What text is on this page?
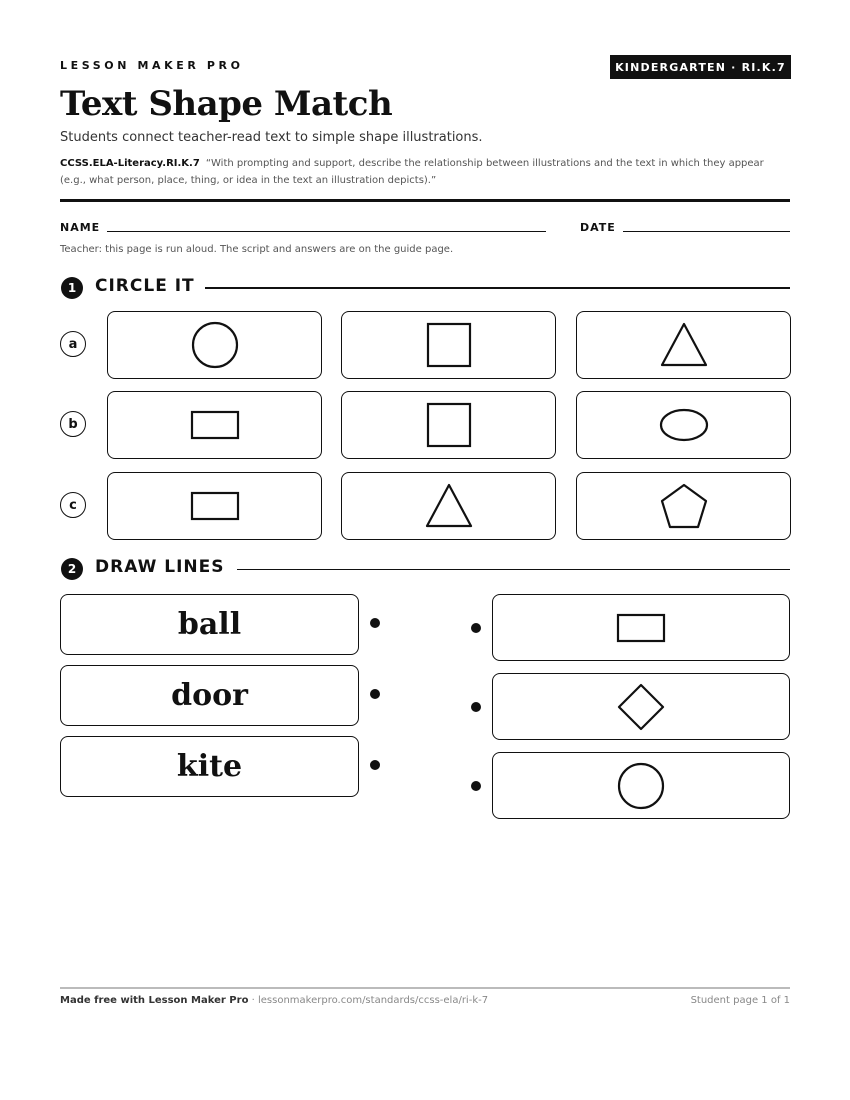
LESSON MAKER PRO	KINDERGARTEN · RI.K.7
Text Shape Match
Students connect teacher-read text to simple shape illustrations.
CCSS.ELA-Literacy.RI.K.7 “With prompting and support, describe the relationship between illustrations and the text in which they appear (e.g., what person, place, thing, or idea in the text an illustration depicts).”
NAME	DATE
Teacher: this page is run aloud. The script and answers are on the guide page.
1	CIRCLE IT
a
b
c
2	DRAW LINES
ball
door
kite
Made free with Lesson Maker Pro · lessonmakerpro.com/standards/ccss-ela/ri-k-7	Student page 1 of 1
